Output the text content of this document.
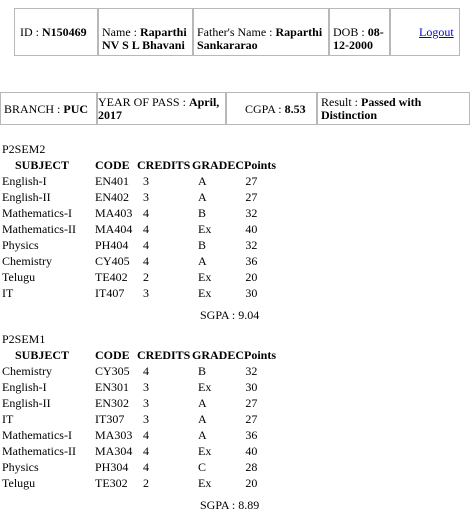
ID : N150469 Name : Raparthi NV S L Bhavani
Father's Name : Raparthi Sankararao
DOB : 08-12-2000
Logout
BRANCH : PUC YEAR OF PASS : April, 2017	CGPA : 8.53 Result : Passed with Distinction
P2SEM2
SUBJECT	CODE	CREDITS	GRADE	CPoints
English-I	EN401	3	A	27
English-II	EN402	3	A	27
Mathematics-I	MA403	4	B	32
Mathematics-II	MA404	4	Ex	40
Physics	PH404	4	B	32
Chemistry	CY405	4	A	36
Telugu	TE402	2	Ex	20
IT	IT407	3	Ex	30
SGPA : 9.04
P2SEM1
SUBJECT	CODE	CREDITS	GRADE	CPoints
Chemistry	CY305	4	B	32
English-I	EN301	3	Ex	30
English-II	EN302	3	A	27
IT	IT307	3	A	27
Mathematics-I	MA303	4	A	36
Mathematics-II	MA304	4	Ex	40
Physics	PH304	4	C	28
Telugu	TE302	2	Ex	20
SGPA : 8.89
